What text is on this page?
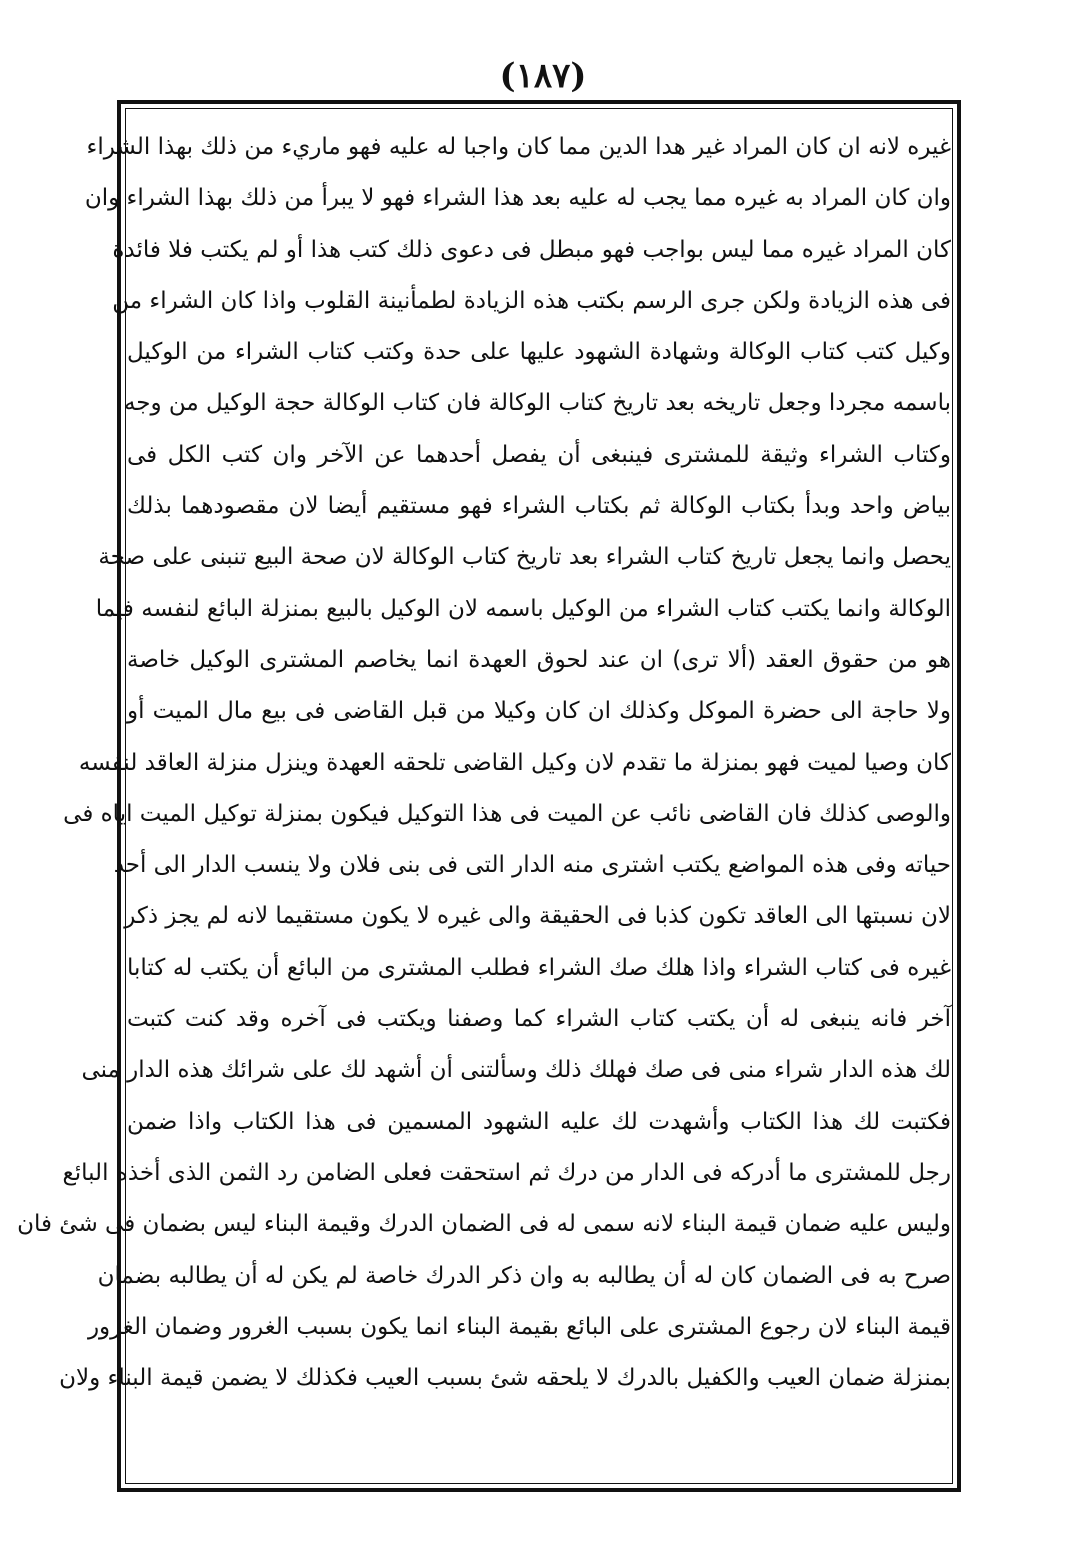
(۱۸۷)
غيره لانه ان كان المراد غير هدا الدين مما كان واجبا له عليه فهو ماريء من ذلك بهذا الشراء
وان كان المراد به غيره مما يجب له عليه بعد هذا الشراء فهو لا يبرأ من ذلك بهذا الشراء وان
كان المراد غيره مما ليس بواجب فهو مبطل فى دعوى ذلك كتب هذا أو لم يكتب فلا فائدة
فى هذه الزيادة ولكن جرى الرسم بكتب هذه الزيادة لطمأنينة القلوب واذا كان الشراء من
وكيل كتب كتاب الوكالة وشهادة الشهود عليها على حدة وكتب كتاب الشراء من الوكيل
باسمه مجردا وجعل تاريخه بعد تاريخ كتاب الوكالة فان كتاب الوكالة حجة الوكيل من وجه
وكتاب الشراء وثيقة للمشترى فينبغى أن يفصل أحدهما عن الآخر وان كتب الكل فى
بياض واحد وبدأ بكتاب الوكالة ثم بكتاب الشراء فهو مستقيم أيضا لان مقصودهما بذلك
يحصل وانما يجعل تاريخ كتاب الشراء بعد تاريخ كتاب الوكالة لان صحة البيع تنبنى على صحة
الوكالة وانما يكتب كتاب الشراء من الوكيل باسمه لان الوكيل بالبيع بمنزلة البائع لنفسه فيما
هو من حقوق العقد (ألا ترى) ان عند لحوق العهدة انما يخاصم المشترى الوكيل خاصة
ولا حاجة الى حضرة الموكل وكذلك ان كان وكيلا من قبل القاضى فى بيع مال الميت أو
كان وصيا لميت فهو بمنزلة ما تقدم لان وكيل القاضى تلحقه العهدة وينزل منزلة العاقد لنفسه
والوصى كذلك فان القاضى نائب عن الميت فى هذا التوكيل فيكون بمنزلة توكيل الميت اياه فى
حياته وفى هذه المواضع يكتب اشترى منه الدار التى فى بنى فلان ولا ينسب الدار الى أحد
لان نسبتها الى العاقد تكون كذبا فى الحقيقة والى غيره لا يكون مستقيما لانه لم يجز ذكر
غيره فى كتاب الشراء واذا هلك صك الشراء فطلب المشترى من البائع أن يكتب له كتابا
آخر فانه ينبغى له أن يكتب كتاب الشراء كما وصفنا ويكتب فى آخره وقد كنت كتبت
لك هذه الدار شراء منى فى صك فهلك ذلك وسألتنى أن أشهد لك على شرائك هذه الدار منى
فكتبت لك هذا الكتاب وأشهدت لك عليه الشهود المسمين فى هذا الكتاب واذا ضمن
رجل للمشترى ما أدركه فى الدار من درك ثم استحقت فعلى الضامن رد الثمن الذى أخذه البائع
وليس عليه ضمان قيمة البناء لانه سمى له فى الضمان الدرك وقيمة البناء ليس بضمان فى شئ فان
صرح به فى الضمان كان له أن يطالبه به وان ذكر الدرك خاصة لم يكن له أن يطالبه بضمان
قيمة البناء لان رجوع المشترى على البائع بقيمة البناء انما يكون بسبب الغرور وضمان الغرور
بمنزلة ضمان العيب والكفيل بالدرك لا يلحقه شئ بسبب العيب فكذلك لا يضمن قيمة البناء ولان
